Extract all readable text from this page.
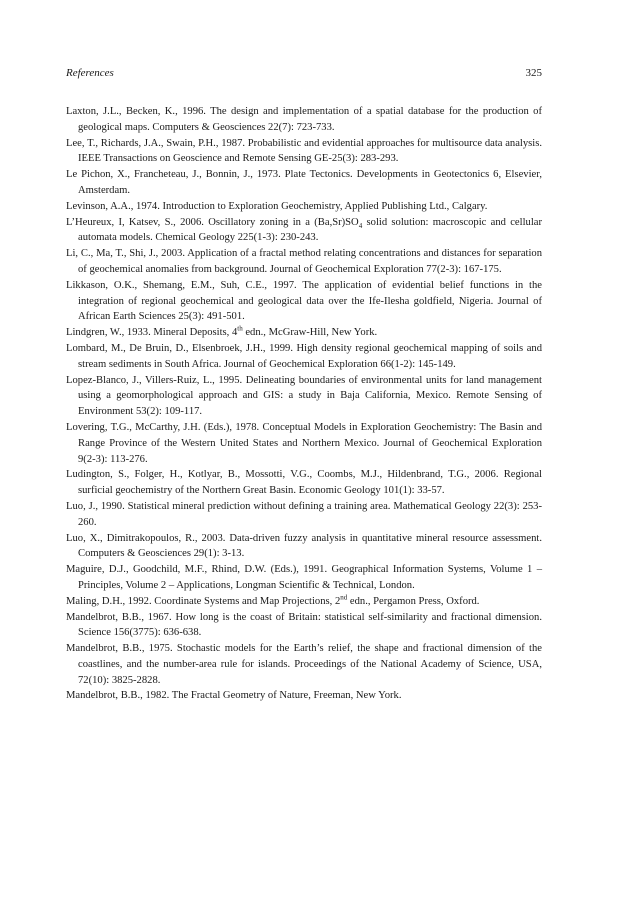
References	325
Laxton, J.L., Becken, K., 1996. The design and implementation of a spatial database for the production of geological maps. Computers & Geosciences 22(7): 723-733.
Lee, T., Richards, J.A., Swain, P.H., 1987. Probabilistic and evidential approaches for multisource data analysis. IEEE Transactions on Geoscience and Remote Sensing GE-25(3): 283-293.
Le Pichon, X., Francheteau, J., Bonnin, J., 1973. Plate Tectonics. Developments in Geotectonics 6, Elsevier, Amsterdam.
Levinson, A.A., 1974. Introduction to Exploration Geochemistry, Applied Publishing Ltd., Calgary.
L’Heureux, I, Katsev, S., 2006. Oscillatory zoning in a $(Ba,Sr)SO_4$ solid solution: macroscopic and cellular automata models. Chemical Geology 225(1-3): 230-243.
Li, C., Ma, T., Shi, J., 2003. Application of a fractal method relating concentrations and distances for separation of geochemical anomalies from background. Journal of Geochemical Exploration 77(2-3): 167-175.
Likkason, O.K., Shemang, E.M., Suh, C.E., 1997. The application of evidential belief functions in the integration of regional geochemical and geological data over the Ife-Ilesha goldfield, Nigeria. Journal of African Earth Sciences 25(3): 491-501.
Lindgren, W., 1933. Mineral Deposits, 4th edn., McGraw-Hill, New York.
Lombard, M., De Bruin, D., Elsenbroek, J.H., 1999. High density regional geochemical mapping of soils and stream sediments in South Africa. Journal of Geochemical Exploration 66(1-2): 145-149.
Lopez-Blanco, J., Villers-Ruiz, L., 1995. Delineating boundaries of environmental units for land management using a geomorphological approach and GIS: a study in Baja California, Mexico. Remote Sensing of Environment 53(2): 109-117.
Lovering, T.G., McCarthy, J.H. (Eds.), 1978. Conceptual Models in Exploration Geochemistry: The Basin and Range Province of the Western United States and Northern Mexico. Journal of Geochemical Exploration 9(2-3): 113-276.
Ludington, S., Folger, H., Kotlyar, B., Mossotti, V.G., Coombs, M.J., Hildenbrand, T.G., 2006. Regional surficial geochemistry of the Northern Great Basin. Economic Geology 101(1): 33-57.
Luo, J., 1990. Statistical mineral prediction without defining a training area. Mathematical Geology 22(3): 253-260.
Luo, X., Dimitrakopoulos, R., 2003. Data-driven fuzzy analysis in quantitative mineral resource assessment. Computers & Geosciences 29(1): 3-13.
Maguire, D.J., Goodchild, M.F., Rhind, D.W. (Eds.), 1991. Geographical Information Systems, Volume 1 – Principles, Volume 2 – Applications, Longman Scientific & Technical, London.
Maling, D.H., 1992. Coordinate Systems and Map Projections, 2nd edn., Pergamon Press, Oxford.
Mandelbrot, B.B., 1967. How long is the coast of Britain: statistical self-similarity and fractional dimension. Science 156(3775): 636-638.
Mandelbrot, B.B., 1975. Stochastic models for the Earth’s relief, the shape and fractional dimension of the coastlines, and the number-area rule for islands. Proceedings of the National Academy of Science, USA, 72(10): 3825-2828.
Mandelbrot, B.B., 1982. The Fractal Geometry of Nature, Freeman, New York.
